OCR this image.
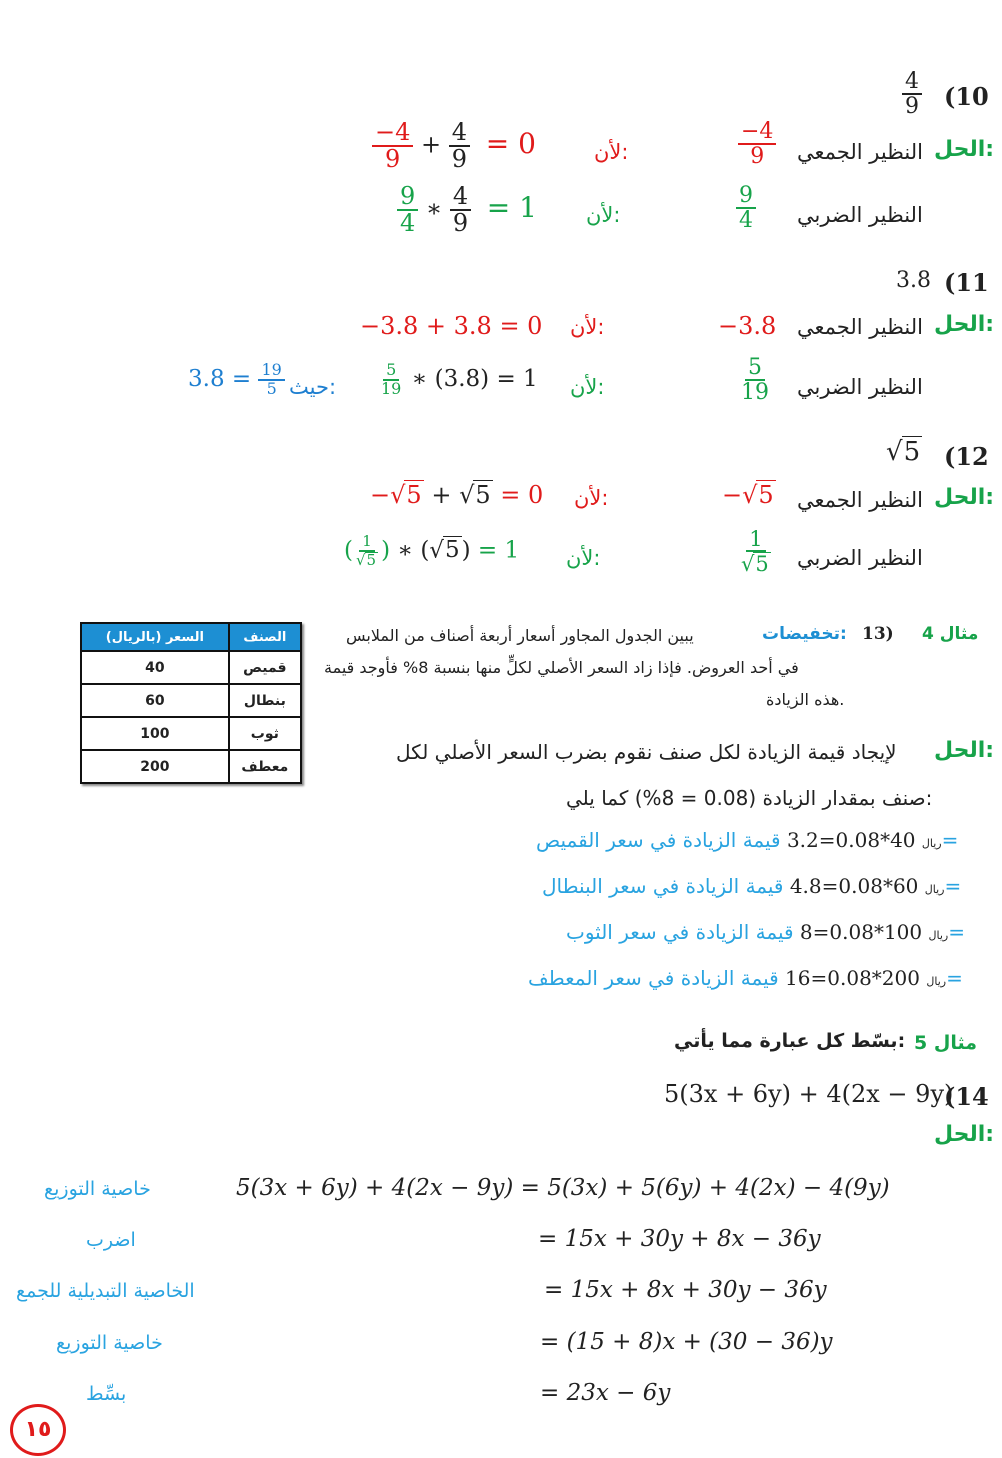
(10
$\frac{4}{9}$
الحل:
النظير الجمعي
$\frac{-4}{9}$
لأن:
$\frac{-4}{9} + \frac{4}{9} = 0$
النظير الضربي
$\frac{9}{4}$
لأن:
$\frac{9}{4}$ ∗ $\frac{4}{9} = 1$
(11
3.8
الحل:
النظير الجمعي
−3.8
لأن:
−3.8 + 3.8 = 0
النظير الضربي
$\frac{5}{19}$
لأن:
$\frac{5}{19}$ ∗ (3.8) = 1
حيث:
$3.8 = \frac{19}{5}$
(12
√5
الحل:
النظير الجمعي
−√5
لأن:
−√5 + √5 = 0
النظير الضربي
$\frac{1}{√5}$
لأن:
( $\frac{1}{√5}$ ) ∗ (√5) = 1
السعر (بالريال)	الصنف
40	قميص
60	بنطال
100	ثوب
200	معطف
مثال 4
13)
تخفيضات:
يبين الجدول المجاور أسعار أربعة أصناف من الملابس
في أحد العروض. فإذا زاد السعر الأصلي لكلٍّ منها بنسبة 8% فأوجد قيمة
هذه الزيادة.
الحل:
لإيجاد قيمة الزيادة لكل صنف نقوم بضرب السعر الأصلي لكل
صنف بمقدار الزيادة (0.08 = 8%) كما يلي:
ريال 40*0.08=3.2 قيمة الزيادة في سعر القميص=
ريال 60*0.08=4.8 قيمة الزيادة في سعر البنطال=
ريال 100*0.08=8 قيمة الزيادة في سعر الثوب=
ريال 200*0.08=16 قيمة الزيادة في سعر المعطف=
مثال 5
بسّط كل عبارة مما يأتي:
(14
5(3x + 6y) + 4(2x − 9y)
الحل:
5(3x + 6y) + 4(2x − 9y) = 5(3x) + 5(6y) + 4(2x) − 4(9y)
خاصية التوزيع
= 15x + 30y + 8x − 36y
اضرب
= 15x + 8x + 30y − 36y
الخاصية التبديلية للجمع
= (15 + 8)x + (30 − 36)y
خاصية التوزيع
= 23x − 6y
بسِّط
١٥
